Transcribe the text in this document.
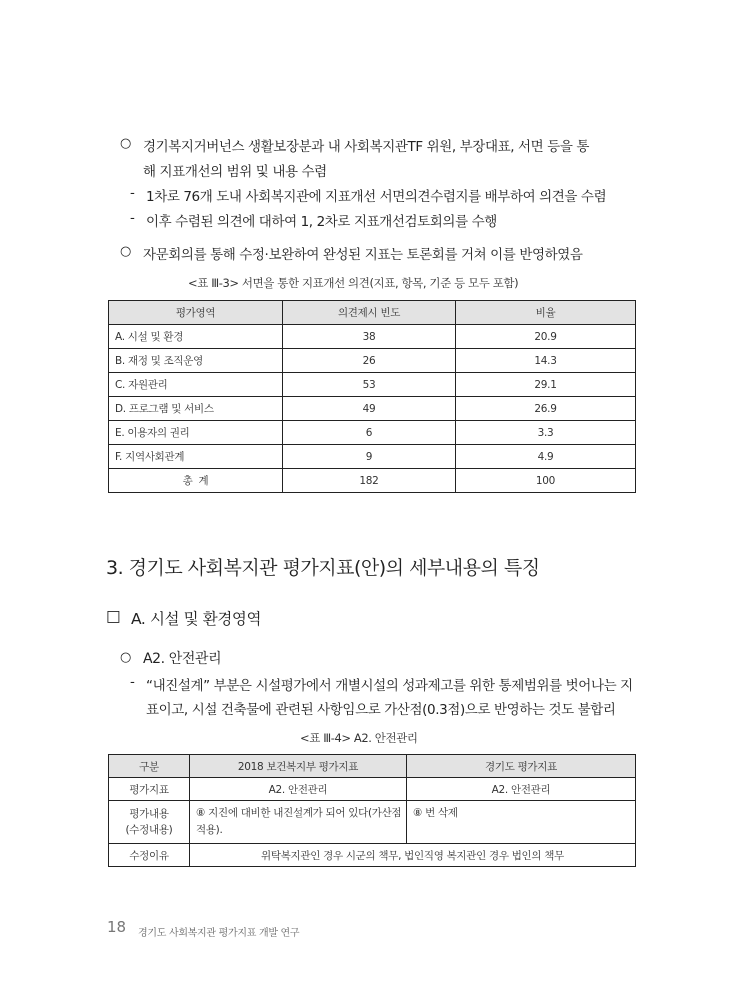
○ 경기복지거버넌스 생활보장분과 내 사회복지관TF 위원, 부장대표, 서면 등을 통
해 지표개선의 범위 및 내용 수렴
- 1차로 76개 도내 사회복지관에 지표개선 서면의견수렴지를 배부하여 의견을 수렴
- 이후 수렴된 의견에 대하여 1, 2차로 지표개선검토회의를 수행
○ 자문회의를 통해 수정·보완하여 완성된 지표는 토론회를 거쳐 이를 반영하였음
<표 Ⅲ-3> 서면을 통한 지표개선 의견(지표, 항목, 기준 등 모두 포함)
평가영역	의견제시 빈도	비율
A. 시설 및 환경	38	20.9
B. 재정 및 조직운영	26	14.3
C. 자원관리	53	29.1
D. 프로그램 및 서비스	49	26.9
E. 이용자의 권리	6	3.3
F. 지역사회관계	9	4.9
총  계	182	100
3. 경기도 사회복지관 평가지표(안)의 세부내용의 특징
□ A. 시설 및 환경영역
○ A2. 안전관리
- “내진설계” 부분은 시설평가에서 개별시설의 성과제고를 위한 통제범위를 벗어나는 지
표이고, 시설 건축물에 관련된 사항임으로 가산점(0.3점)으로 반영하는 것도 불합리
<표 Ⅲ-4> A2. 안전관리
구분	2018 보건복지부 평가지표	경기도 평가지표
평가지표	A2. 안전관리	A2. 안전관리

평가내용
(수정내용)	⑧ 지진에 대비한 내진설계가 되어 있다(가산점 적용).	⑧ 번 삭제
수정이유	위탁복지관인 경우 시군의 책무, 법인직영 복지관인 경우 법인의 책무	
18 경기도 사회복지관 평가지표 개발 연구
